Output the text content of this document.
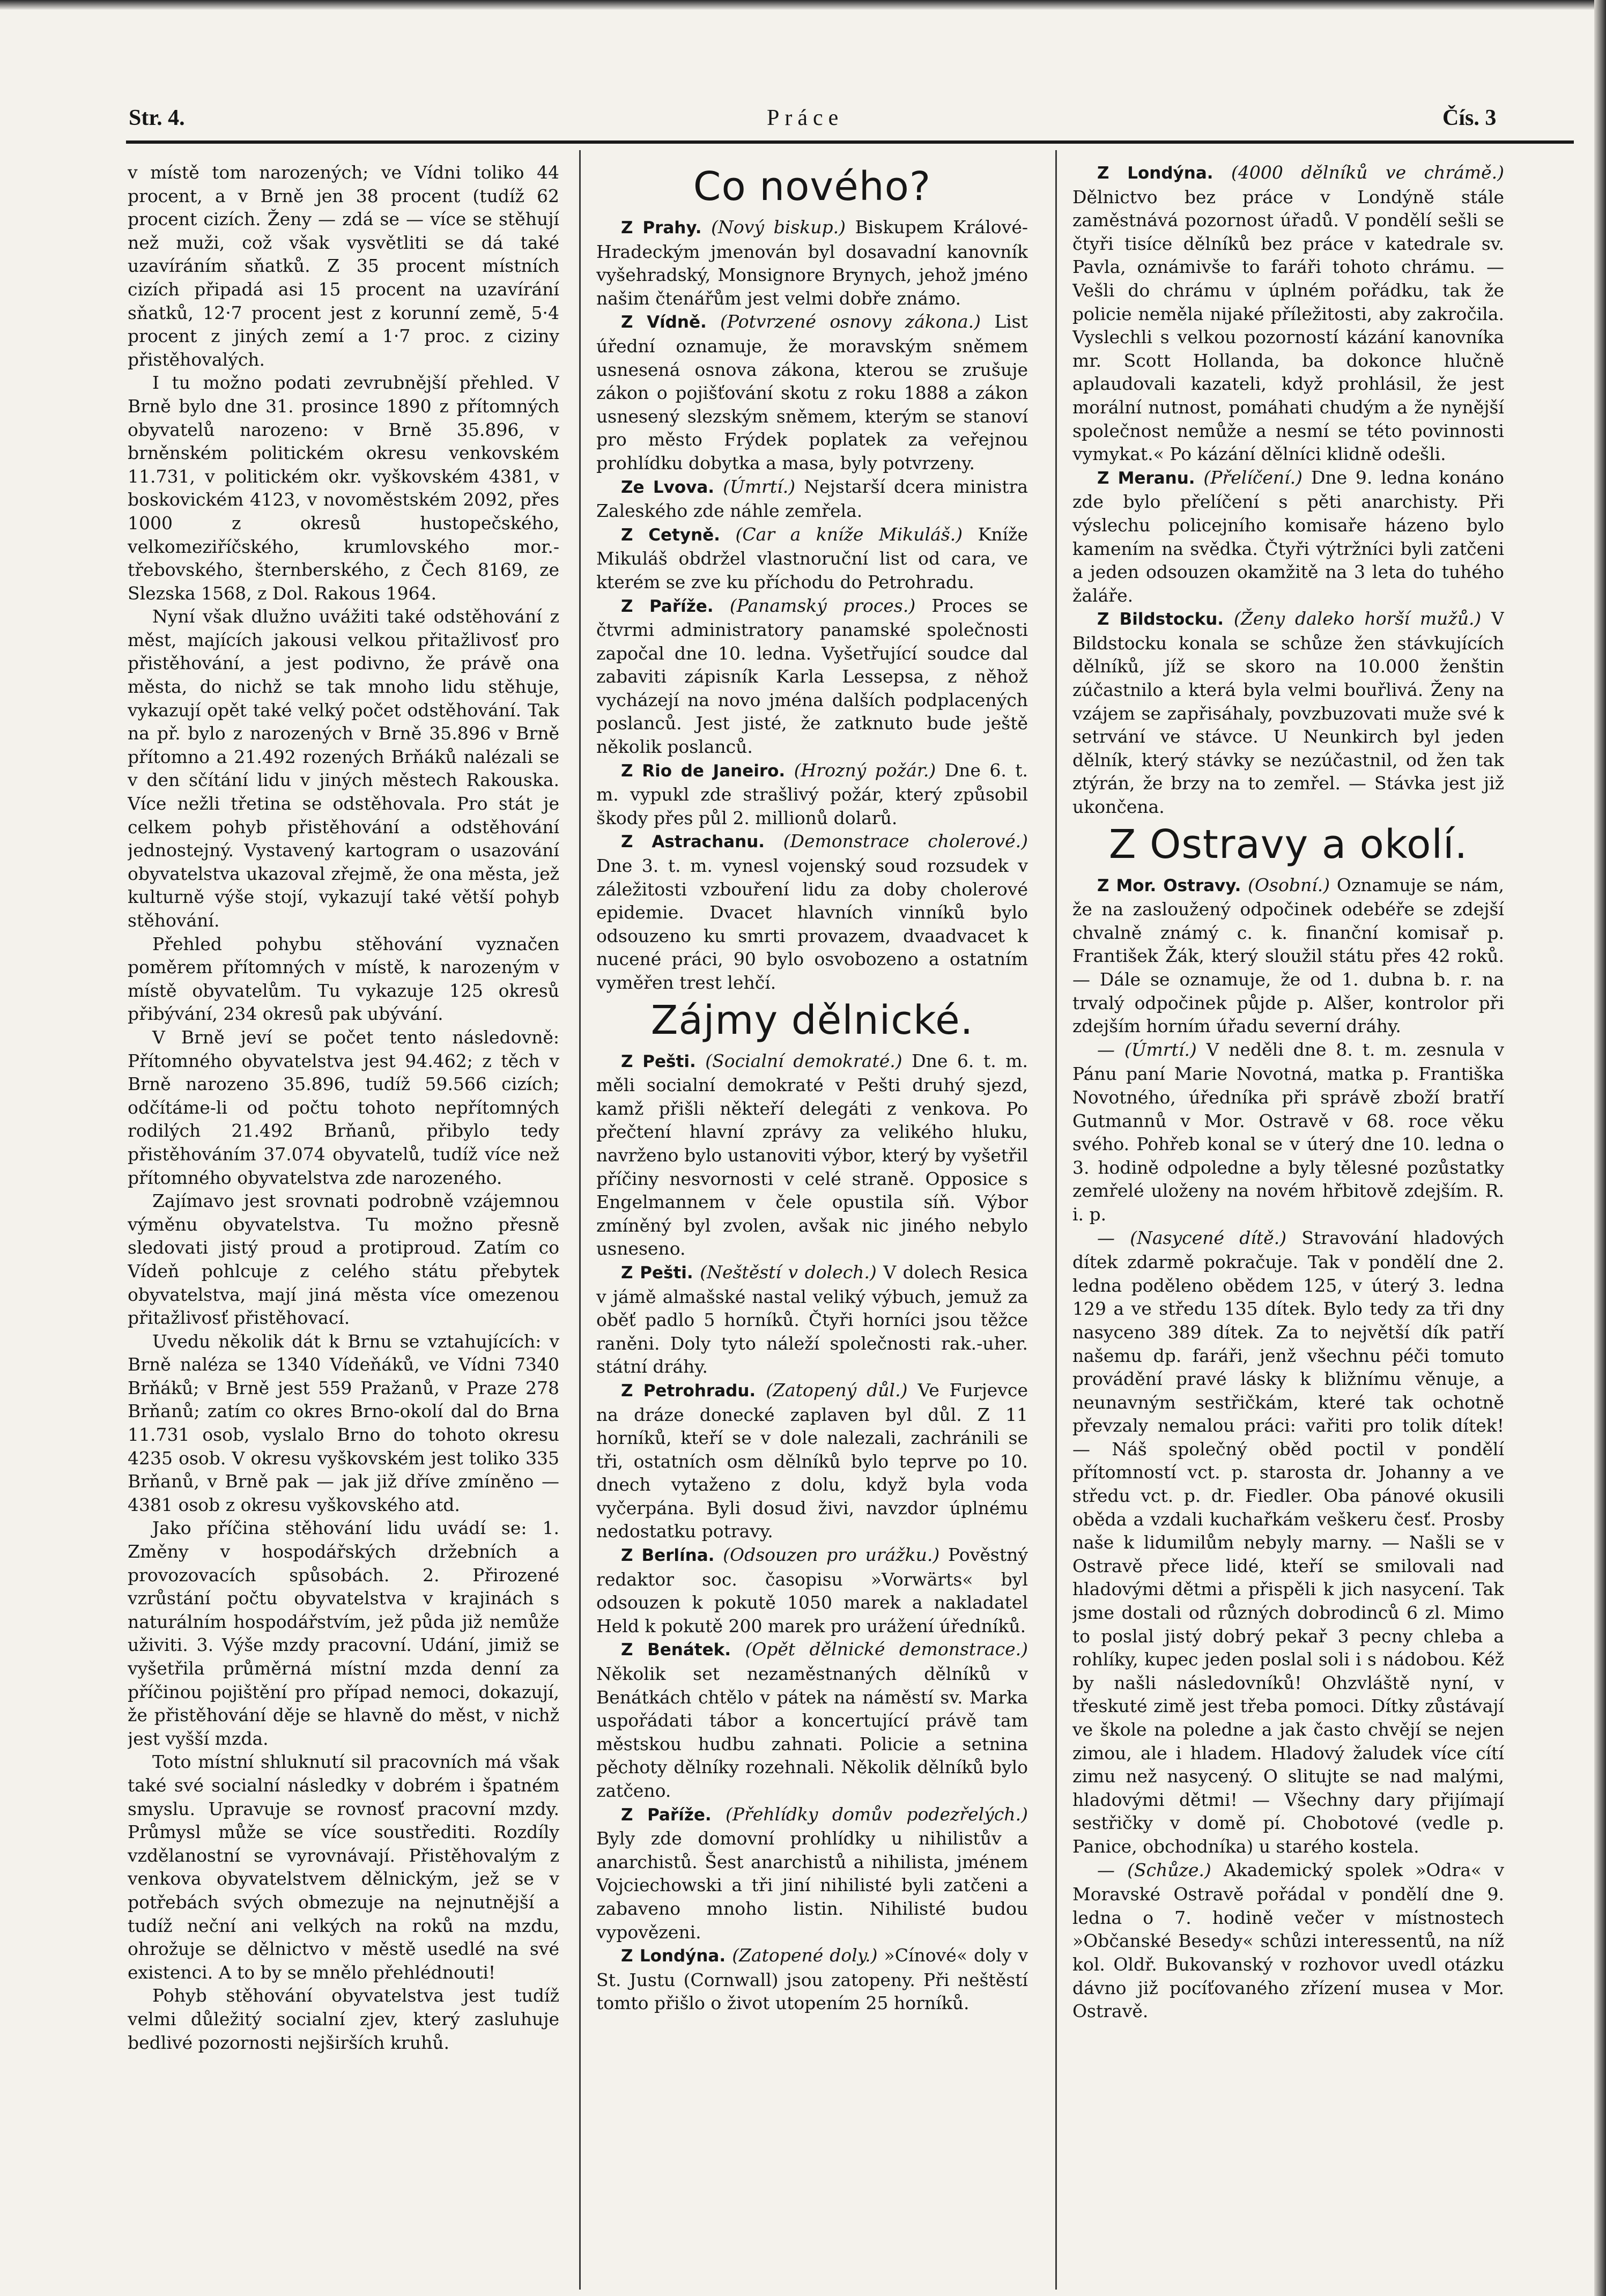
Str. 4.	Práce	Čís. 3

v místě tom narozených; ve Vídni toliko 44 procent, a v Brně jen 38 procent (tudíž 62 procent cizích. Ženy — zdá se — více se stěhují než muži, což však vysvětliti se dá také uzavíráním sňatků. Z 35 procent místních cizích připadá asi 15 procent na uzavírání sňatků, 12·7 procent jest z korunní země, 5·4 procent z jiných zemí a 1·7 proc. z ciziny přistěhovalých.

I tu možno podati zevrubnější přehled. V Brně bylo dne 31. prosince 1890 z přítomných obyvatelů narozeno: v Brně 35.896, v brněnském politickém okresu venkovském 11.731, v politickém okr. vyškovském 4381, v boskovickém 4123, v novoměstském 2092, přes 1000 z okresů hustopečského, velkomeziříčského, krumlovského mor.-třebovského, šternberského, z Čech 8169, ze Slezska 1568, z Dol. Rakous 1964.

Nyní však dlužno uvážiti také odstěhování z měst, majících jakousi velkou přitažlivosť pro přistěhování, a jest podivno, že právě ona města, do nichž se tak mnoho lidu stěhuje, vykazují opět také velký počet odstěhování. Tak na př. bylo z narozených v Brně 35.896 v Brně přítomno a 21.492 rozených Brňáků nalézali se v den sčítání lidu v jiných městech Rakouska. Více nežli třetina se odstěhovala. Pro stát je celkem pohyb přistěhování a odstěhování jednostejný. Vystavený kartogram o usazování obyvatelstva ukazoval zřejmě, že ona města, jež kulturně výše stojí, vykazují také větší pohyb stěhování.

Přehled pohybu stěhování vyznačen poměrem přítomných v místě, k narozeným v místě obyvatelům. Tu vykazuje 125 okresů přibývání, 234 okresů pak ubývání.

V Brně jeví se počet tento následovně: Přítomného obyvatelstva jest 94.462; z těch v Brně narozeno 35.896, tudíž 59.566 cizích; odčítáme-li od počtu tohoto nepřítomných rodilých 21.492 Brňanů, přibylo tedy přistěhováním 37.074 obyvatelů, tudíž více než přítomného obyvatelstva zde narozeného.

Zajímavo jest srovnati podrobně vzájemnou výměnu obyvatelstva. Tu možno přesně sledovati jistý proud a protiproud. Zatím co Vídeň pohlcuje z celého státu přebytek obyvatelstva, mají jiná města více omezenou přitažlivosť přistěhovací.

Uvedu několik dát k Brnu se vztahujících: v Brně naléza se 1340 Vídeňáků, ve Vídni 7340 Brňáků; v Brně jest 559 Pražanů, v Praze 278 Brňanů; zatím co okres Brno-okolí dal do Brna 11.731 osob, vyslalo Brno do tohoto okresu 4235 osob. V okresu vyškovském jest toliko 335 Brňanů, v Brně pak — jak již dříve zmíněno — 4381 osob z okresu vyškovského atd.

Jako příčina stěhování lidu uvádí se: 1. Změny v hospodářských držebních a provozovacích spůsobách. 2. Přirozené vzrůstání počtu obyvatelstva v krajinách s naturálním hospodářstvím, jež půda již nemůže uživiti. 3. Výše mzdy pracovní. Udání, jimiž se vyšetřila průměrná místní mzda denní za příčinou pojištění pro případ nemoci, dokazují, že přistěhování děje se hlavně do měst, v nichž jest vyšší mzda.

Toto místní shluknutí sil pracovních má však také své socialní následky v dobrém i špatném smyslu. Upravuje se rovnosť pracovní mzdy. Průmysl může se více soustřediti. Rozdíly vzdělanostní se vyrovnávají. Přistěhovalým z venkova obyvatelstvem dělnickým, jež se v potřebách svých obmezuje na nejnutnější a tudíž neční ani velkých na roků na mzdu, ohrožuje se dělnictvo v městě usedlé na své existenci. A to by se mnělo přehlédnouti!

Pohyb stěhování obyvatelstva jest tudíž velmi důležitý socialní zjev, který zasluhuje bedlivé pozornosti nejširších kruhů.

Co nového?

Z Prahy. (Nový biskup.) Biskupem Králové-Hradeckým jmenován byl dosavadní kanovník vyšehradský, Monsignore Brynych, jehož jméno našim čtenářům jest velmi dobře známo.

Z Vídně. (Potvrzené osnovy zákona.) List úřední oznamuje, že moravským sněmem usnesená osnova zákona, kterou se zrušuje zákon o pojišťování skotu z roku 1888 a zákon usnesený slezským sněmem, kterým se stanoví pro město Frýdek poplatek za veřejnou prohlídku dobytka a masa, byly potvrzeny.

Ze Lvova. (Úmrtí.) Nejstarší dcera ministra Zaleského zde náhle zemřela.

Z Cetyně. (Car a kníže Mikuláš.) Kníže Mikuláš obdržel vlastnoruční list od cara, ve kterém se zve ku příchodu do Petrohradu.

Z Paříže. (Panamský proces.) Proces se čtvrmi administratory panamské společnosti započal dne 10. ledna. Vyšetřující soudce dal zabaviti zápisník Karla Lessepsa, z něhož vycházejí na novo jména dalších podplacených poslanců. Jest jisté, že zatknuto bude ještě několik poslanců.

Z Rio de Janeiro. (Hrozný požár.) Dne 6. t. m. vypukl zde strašlivý požár, který způsobil škody přes půl 2. millionů dolarů.

Z Astrachanu. (Demonstrace cholerové.) Dne 3. t. m. vynesl vojenský soud rozsudek v záležitosti vzbouření lidu za doby cholerové epidemie. Dvacet hlavních vinníků bylo odsouzeno ku smrti provazem, dvaadvacet k nucené práci, 90 bylo osvobozeno a ostatním vyměřen trest lehčí.

Zájmy dělnické.

Z Pešti. (Socialní demokraté.) Dne 6. t. m. měli socialní demokraté v Pešti druhý sjezd, kamž přišli někteří delegáti z venkova. Po přečtení hlavní zprávy za velikého hluku, navrženo bylo ustanoviti výbor, který by vyšetřil příčiny nesvornosti v celé straně. Opposice s Engelmannem v čele opustila síň. Výbor zmíněný byl zvolen, avšak nic jiného nebylo usneseno.

Z Pešti. (Neštěstí v dolech.) V dolech Resica v jámě almašské nastal veliký výbuch, jemuž za oběť padlo 5 horníků. Čtyři horníci jsou těžce raněni. Doly tyto náleží společnosti rak.-uher. státní dráhy.

Z Petrohradu. (Zatopený důl.) Ve Furjevce na dráze donecké zaplaven byl důl. Z 11 horníků, kteří se v dole nalezali, zachránili se tři, ostatních osm dělníků bylo teprve po 10. dnech vytaženo z dolu, když byla voda vyčerpána. Byli dosud živi, navzdor úplnému nedostatku potravy.

Z Berlína. (Odsouzen pro urážku.) Pověstný redaktor soc. časopisu »Vorwärts« byl odsouzen k pokutě 1050 marek a nakladatel Held k pokutě 200 marek pro urážení úředníků.

Z Benátek. (Opět dělnické demonstrace.) Několik set nezaměstnaných dělníků v Benátkách chtělo v pátek na náměstí sv. Marka uspořádati tábor a koncertující právě tam městskou hudbu zahnati. Policie a setnina pěchoty dělníky rozehnali. Několik dělníků bylo zatčeno.

Z Paříže. (Přehlídky domův podezřelých.) Byly zde domovní prohlídky u nihilistův a anarchistů. Šest anarchistů a nihilista, jménem Vojciechowski a tři jiní nihilisté byli zatčeni a zabaveno mnoho listin. Nihilisté budou vypovězeni.

Z Londýna. (Zatopené doly.) »Cínové« doly v St. Justu (Cornwall) jsou zatopeny. Při neštěstí tomto přišlo o život utopením 25 horníků.

Z Londýna. (4000 dělníků ve chrámě.) Dělnictvo bez práce v Londýně stále zaměstnává pozornost úřadů. V pondělí sešli se čtyři tisíce dělníků bez práce v katedrale sv. Pavla, oznámivše to faráři tohoto chrámu. — Vešli do chrámu v úplném pořádku, tak že policie neměla nijaké příležitosti, aby zakročila. Vyslechli s velkou pozorností kázání kanovníka mr. Scott Hollanda, ba dokonce hlučně aplaudovali kazateli, když prohlásil, že jest morální nutnost, pomáhati chudým a že nynější společnost nemůže a nesmí se této povinnosti vymykat.« Po kázání dělníci klidně odešli.

Z Meranu. (Přelíčení.) Dne 9. ledna konáno zde bylo přelíčení s pěti anarchisty. Při výslechu policejního komisaře házeno bylo kamením na svědka. Čtyři výtržníci byli zatčeni a jeden odsouzen okamžitě na 3 leta do tuhého žaláře.

Z Bildstocku. (Ženy daleko horší mužů.) V Bildstocku konala se schůze žen stávkujících dělníků, jíž se skoro na 10.000 ženštin zúčastnilo a která byla velmi bouřlivá. Ženy na vzájem se zapřisáhaly, povzbuzovati muže své k setrvání ve stávce. U Neunkirch byl jeden dělník, který stávky se nezúčastnil, od žen tak ztýrán, že brzy na to zemřel. — Stávka jest již ukončena.

Z Ostravy a okolí.

Z Mor. Ostravy. (Osobní.) Oznamuje se nám, že na zasloužený odpočinek odebéře se zdejší chvalně známý c. k. finanční komisař p. František Žák, který sloužil státu přes 42 roků. — Dále se oznamuje, že od 1. dubna b. r. na trvalý odpočinek půjde p. Alšer, kontrolor při zdejším horním úřadu severní dráhy.

— (Úmrtí.) V neděli dne 8. t. m. zesnula v Pánu paní Marie Novotná, matka p. Františka Novotného, úředníka při správě zboží bratří Gutmannů v Mor. Ostravě v 68. roce věku svého. Pohřeb konal se v úterý dne 10. ledna o 3. hodině odpoledne a byly tělesné pozůstatky zemřelé uloženy na novém hřbitově zdejším. R. i. p.

— (Nasycené dítě.) Stravování hladových dítek zdarmě pokračuje. Tak v pondělí dne 2. ledna poděleno obědem 125, v úterý 3. ledna 129 a ve středu 135 dítek. Bylo tedy za tři dny nasyceno 389 dítek. Za to největší dík patří našemu dp. faráři, jenž všechnu péči tomuto provádění pravé lásky k bližnímu věnuje, a neunavným sestřičkám, které tak ochotně převzaly nemalou práci: vařiti pro tolik dítek! — Náš společný oběd poctil v pondělí přítomností vct. p. starosta dr. Johanny a ve středu vct. p. dr. Fiedler. Oba pánové okusili oběda a vzdali kuchařkám veškeru česť. Prosby naše k lidumilům nebyly marny. — Našli se v Ostravě přece lidé, kteří se smilovali nad hladovými dětmi a přispěli k jich nasycení. Tak jsme dostali od různých dobrodinců 6 zl. Mimo to poslal jistý dobrý pekař 3 pecny chleba a rohlíky, kupec jeden poslal soli i s nádobou. Kéž by našli následovníků! Ohzvláště nyní, v třeskuté zimě jest třeba pomoci. Dítky zůstávají ve škole na poledne a jak často chvějí se nejen zimou, ale i hladem. Hladový žaludek více cítí zimu než nasycený. O slitujte se nad malými, hladovými dětmi! — Všechny dary přijímají sestřičky v domě pí. Chobotové (vedle p. Panice, obchodníka) u starého kostela.

— (Schůze.) Akademický spolek »Odra« v Moravské Ostravě pořádal v pondělí dne 9. ledna o 7. hodině večer v místnostech »Občanské Besedy« schůzi interessentů, na níž kol. Oldř. Bukovanský v rozhovor uvedl otázku dávno již pocíťovaného zřízení musea v Mor. Ostravě.
